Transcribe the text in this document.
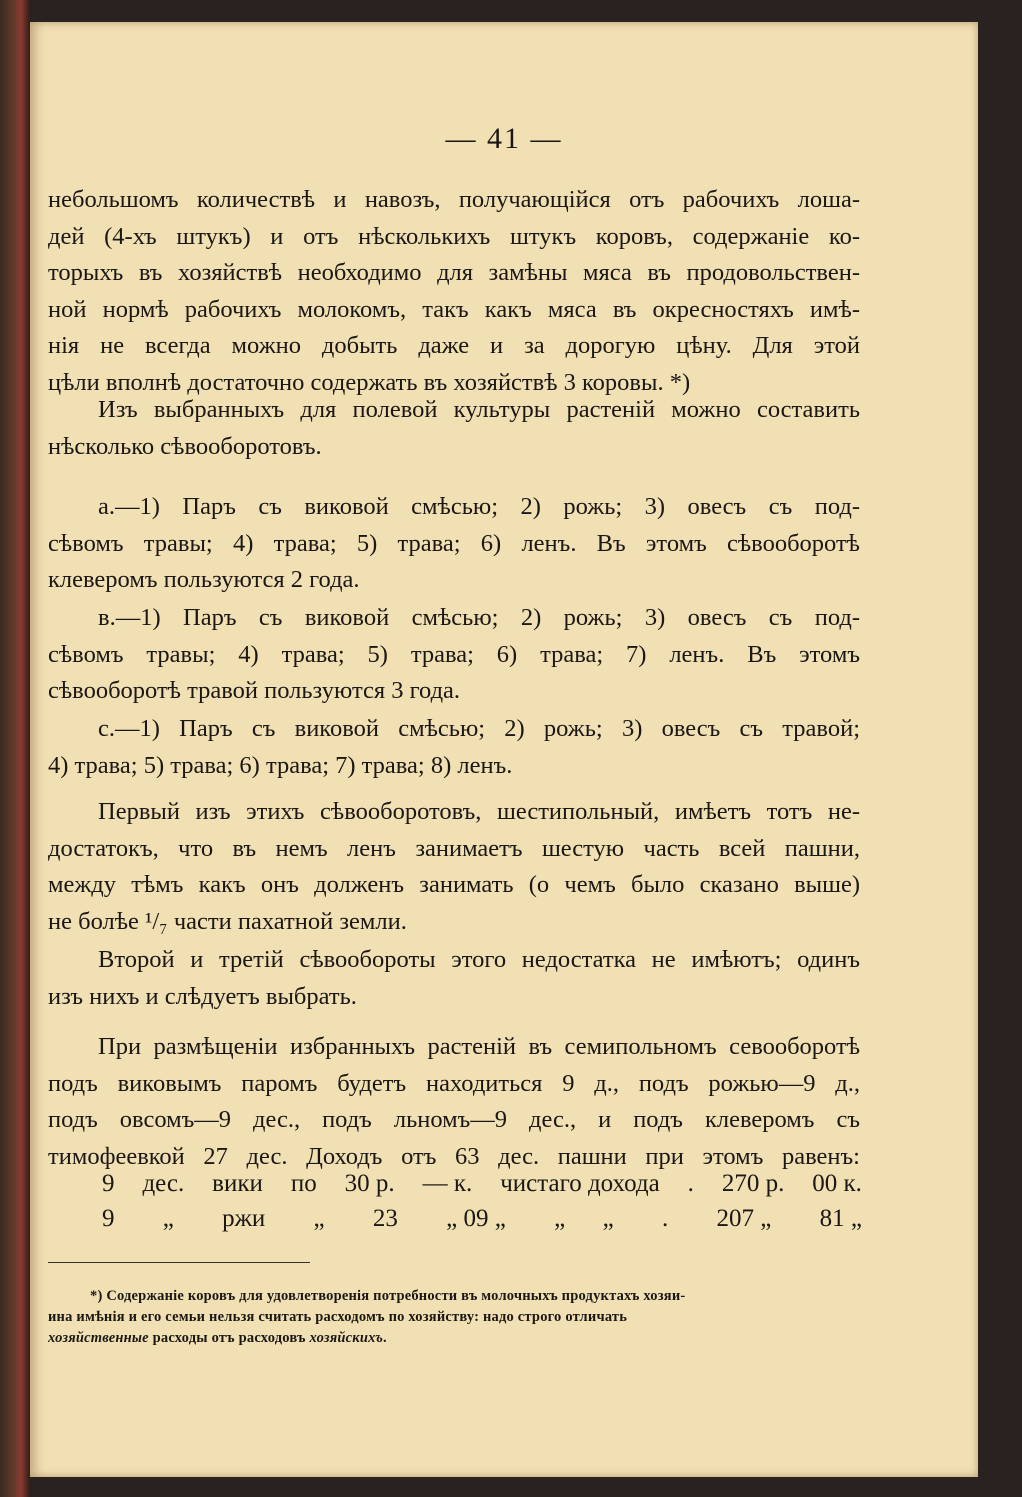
— 41 —

небольшомъ количествѣ и навозъ, получающійся отъ рабочихъ лоша-
дей (4-хъ штукъ) и отъ нѣсколькихъ штукъ коровъ, содержаніе ко-
торыхъ въ хозяйствѣ необходимо для замѣны мяса въ продовольствен-
ной нормѣ рабочихъ молокомъ, такъ какъ мяса въ окресностяхъ имѣ-
нія не всегда можно добыть даже и за дорогую цѣну. Для этой
цѣли вполнѣ достаточно содержать въ хозяйствѣ 3 коровы. *)

Изъ выбранныхъ для полевой культуры растеній можно составить
нѣсколько сѣвооборотовъ.

а.—1) Паръ съ виковой смѣсью; 2) рожь; 3) овесъ съ под-
сѣвомъ травы; 4) трава; 5) трава; 6) ленъ. Въ этомъ сѣвооборотѣ
клеверомъ пользуются 2 года.

в.—1) Паръ съ виковой смѣсью; 2) рожь; 3) овесъ съ под-
сѣвомъ травы; 4) трава; 5) трава; 6) трава; 7) ленъ. Въ этомъ
сѣвооборотѣ травой пользуются 3 года.

с.—1) Паръ съ виковой смѣсью; 2) рожь; 3) овесъ съ травой;
4) трава; 5) трава; 6) трава; 7) трава; 8) ленъ.

Первый изъ этихъ сѣвооборотовъ, шестипольный, имѣетъ тотъ не-
достатокъ, что въ немъ ленъ занимаетъ шестую часть всей пашни,
между тѣмъ какъ онъ долженъ занимать (о чемъ было сказано выше)
не болѣе ¹/₇ части пахатной земли.

Второй и третій сѣвообороты этого недостатка не имѣютъ; одинъ
изъ нихъ и слѣдуетъ выбрать.

При размѣщеніи избранныхъ растеній въ семипольномъ севооборотѣ
подъ виковымъ паромъ будетъ находиться 9 д., подъ рожью—9 д.,
подъ овсомъ—9 дес., подъ льномъ—9 дес., и подъ клеверомъ съ
тимофеевкой 27 дес. Доходъ отъ 63 дес. пашни при этомъ равенъ:

9 дес. вики по 30 р. — к. чистаго дохода . 270 р. 00 к.
9 „ ржи „ 23 „ 09 „ „      „ . 207 „ 81 „
*) Содержаніе коровъ для удовлетворенія потребности въ молочныхъ продуктахъ хозяи-
ина имѣнія и его семьи нельзя считать расходомъ по хозяйству: надо строго отличать
хозяйственные расходы отъ расходовъ хозяйскихъ.
